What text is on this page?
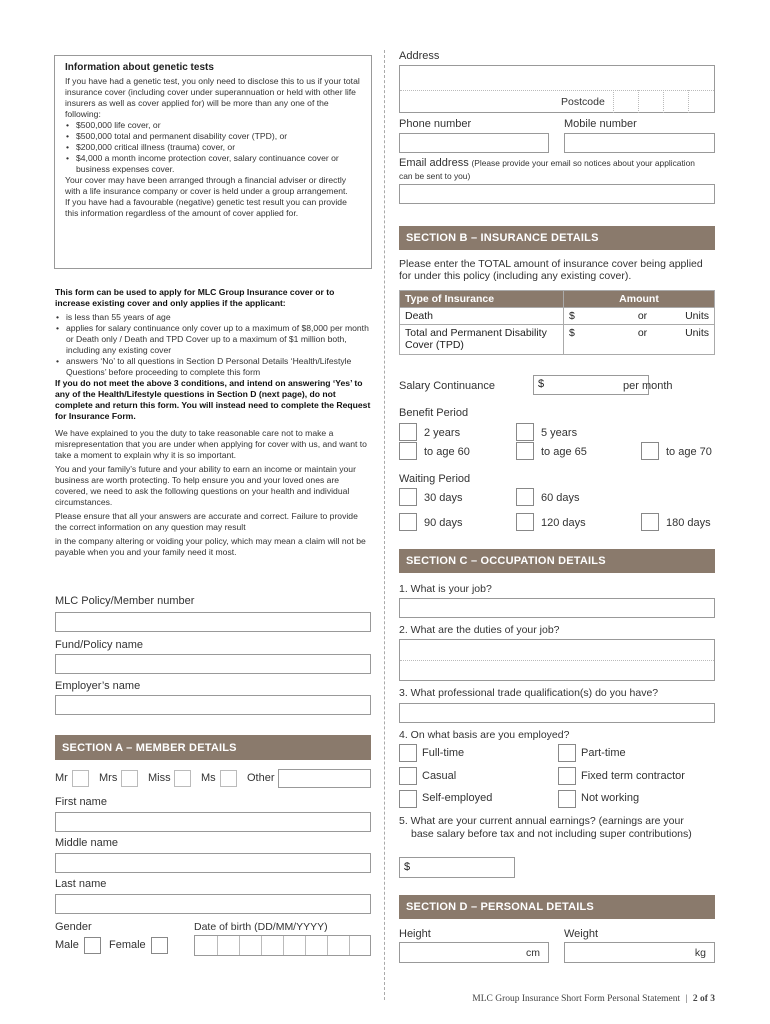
Information about genetic tests
If you have had a genetic test, you only need to disclose this to us if your total insurance cover (including cover under superannuation or held with other life insurers as well as cover applied for) will be more than any one of the following:
• $500,000 life cover, or
• $500,000 total and permanent disability cover (TPD), or
• $200,000 critical illness (trauma) cover, or
• $4,000 a month income protection cover, salary continuance cover or business expenses cover.
Your cover may have been arranged through a financial adviser or directly with a life insurance company or cover is held under a group arrangement.
If you have had a favourable (negative) genetic test result you can provide this information regardless of the amount of cover applied for.
This form can be used to apply for MLC Group Insurance cover or to increase existing cover and only applies if the applicant:
• is less than 55 years of age
• applies for salary continuance only cover up to a maximum of $8,000 per month or Death only / Death and TPD Cover up to a maximum of $1 million both, including any existing cover
• answers ‘No’ to all questions in Section D Personal Details ‘Health/Lifestyle Questions’ before proceeding to complete this form
If you do not meet the above 3 conditions, and intend on answering ‘Yes’ to any of the Health/Lifestyle questions in Section D (next page), do not complete and return this form. You will instead need to complete the Request for Insurance Form.
We have explained to you the duty to take reasonable care not to make a misrepresentation that you are under when applying for cover with us, and want to take a moment to explain why it is so important.
You and your family’s future and your ability to earn an income or maintain your business are worth protecting. To help ensure you and your loved ones are covered, we need to ask the following questions on your health and individual circumstances.
Please ensure that all your answers are accurate and correct. Failure to provide the correct information on any question may result
in the company altering or voiding your policy, which may mean a claim will not be payable when you and your family need it most.
MLC Policy/Member number
Fund/Policy name
Employer’s name
SECTION A – MEMBER DETAILS
Mr	Mrs	Miss	Ms	Other
First name
Middle name
Last name
Gender
Male	Female
Date of birth (DD/MM/YYYY)
Address
Postcode
Phone number	Mobile number
Email address (Please provide your email so notices about your application can be sent to you)
SECTION B – INSURANCE DETAILS
Please enter the TOTAL amount of insurance cover being applied for under this policy (including any existing cover).
Type of Insurance	Amount		
Death	$	or	Units
Total and Permanent Disability Cover (TPD)	$	or	Units
Salary Continuance	$	per month
Benefit Period
2 years	5 years
to age 60	to age 65	to age 70
Waiting Period
30 days	60 days
90 days	120 days	180 days
SECTION C – OCCUPATION DETAILS
1. What is your job?
2. What are the duties of your job?
3. What professional trade qualification(s) do you have?
4. On what basis are you employed?
Full-time	Part-time
Casual	Fixed term contractor
Self-employed	Not working
5. What are your current annual earnings? (earnings are your base salary before tax and not including super contributions)
$
SECTION D – PERSONAL DETAILS
Height
cm
Weight
kg
MLC Group Insurance Short Form Personal Statement | 2 of 3
